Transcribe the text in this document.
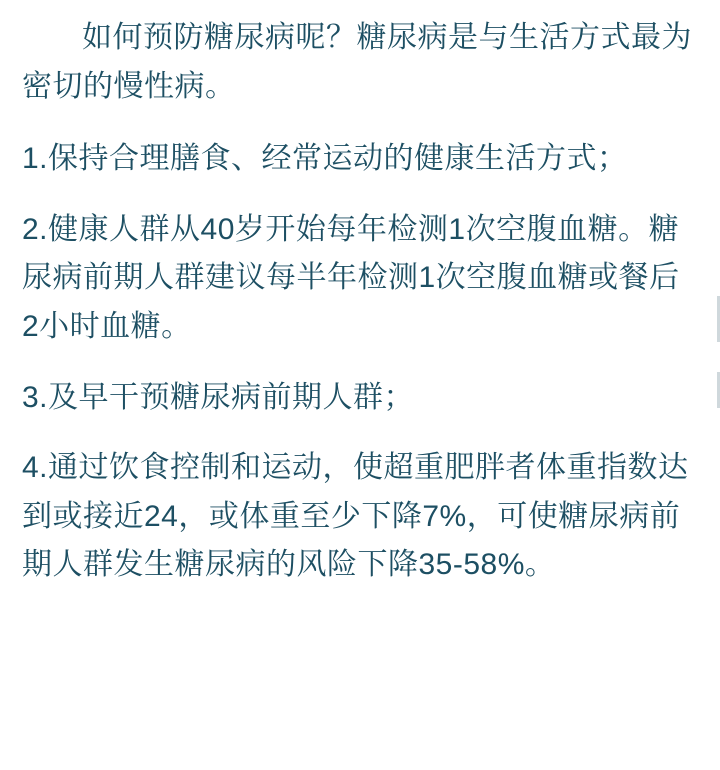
如何预防糖尿病呢？糖尿病是与生活方式最为密切的慢性病。

1.保持合理膳食、经常运动的健康生活方式；

2.健康人群从40岁开始每年检测1次空腹血糖。糖尿病前期人群建议每半年检测1次空腹血糖或餐后2小时血糖。

3.及早干预糖尿病前期人群；

4.通过饮食控制和运动，使超重肥胖者体重指数达到或接近24，或体重至少下降7%，可使糖尿病前期人群发生糖尿病的风险下降35-58%。
